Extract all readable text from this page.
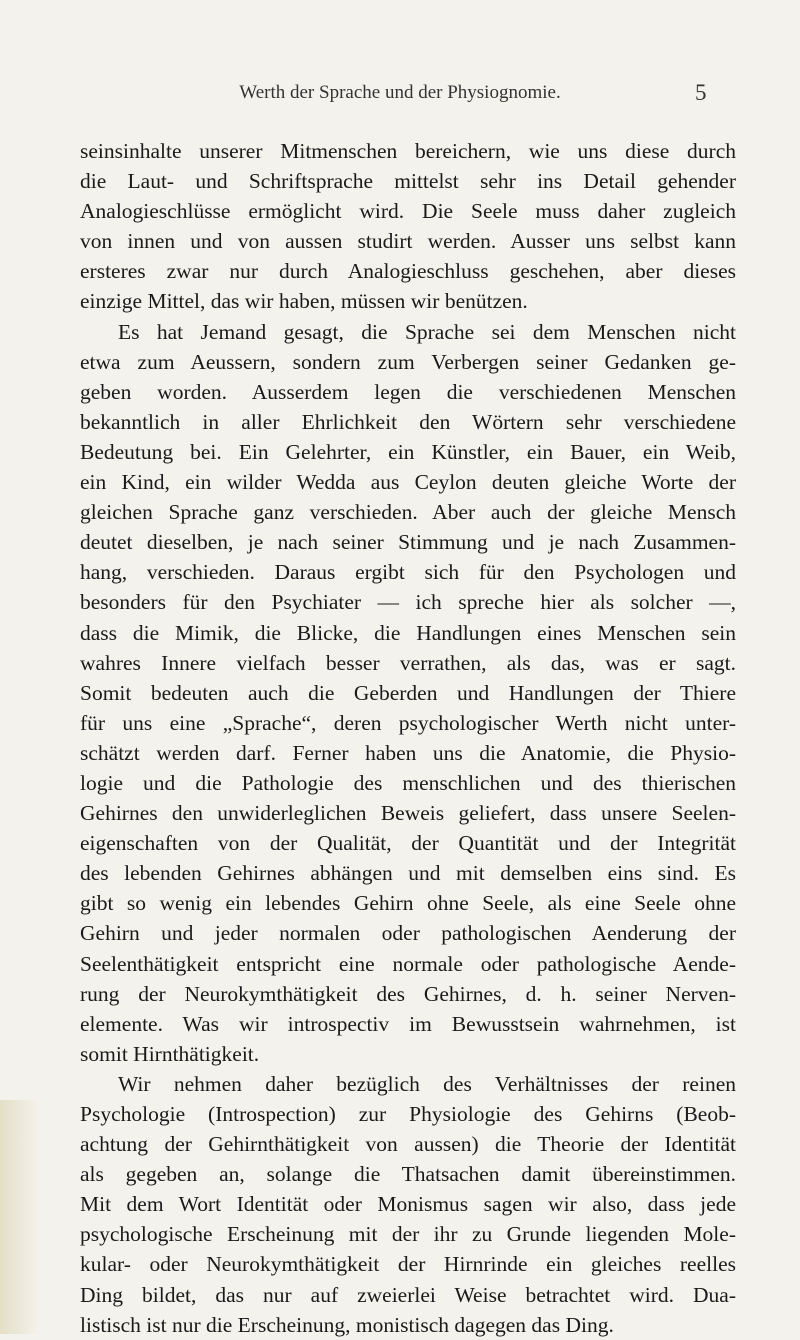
Werth der Sprache und der Physiognomie.	5
seinsinhalte unserer Mitmenschen bereichern, wie uns diese durch
die Laut- und Schriftsprache mittelst sehr ins Detail gehender
Analogieschlüsse ermöglicht wird. Die Seele muss daher zugleich
von innen und von aussen studirt werden. Ausser uns selbst kann
ersteres zwar nur durch Analogieschluss geschehen, aber dieses
einzige Mittel, das wir haben, müssen wir benützen.
Es hat Jemand gesagt, die Sprache sei dem Menschen nicht
etwa zum Aeussern, sondern zum Verbergen seiner Gedanken ge-
geben worden. Ausserdem legen die verschiedenen Menschen
bekanntlich in aller Ehrlichkeit den Wörtern sehr verschiedene
Bedeutung bei. Ein Gelehrter, ein Künstler, ein Bauer, ein Weib,
ein Kind, ein wilder Wedda aus Ceylon deuten gleiche Worte der
gleichen Sprache ganz verschieden. Aber auch der gleiche Mensch
deutet dieselben, je nach seiner Stimmung und je nach Zusammen-
hang, verschieden. Daraus ergibt sich für den Psychologen und
besonders für den Psychiater — ich spreche hier als solcher —,
dass die Mimik, die Blicke, die Handlungen eines Menschen sein
wahres Innere vielfach besser verrathen, als das, was er sagt.
Somit bedeuten auch die Geberden und Handlungen der Thiere
für uns eine „Sprache“, deren psychologischer Werth nicht unter-
schätzt werden darf. Ferner haben uns die Anatomie, die Physio-
logie und die Pathologie des menschlichen und des thierischen
Gehirnes den unwiderleglichen Beweis geliefert, dass unsere Seelen-
eigenschaften von der Qualität, der Quantität und der Integrität
des lebenden Gehirnes abhängen und mit demselben eins sind. Es
gibt so wenig ein lebendes Gehirn ohne Seele, als eine Seele ohne
Gehirn und jeder normalen oder pathologischen Aenderung der
Seelenthätigkeit entspricht eine normale oder pathologische Aende-
rung der Neurokymthätigkeit des Gehirnes, d. h. seiner Nerven-
elemente. Was wir introspectiv im Bewusstsein wahrnehmen, ist
somit Hirnthätigkeit.
Wir nehmen daher bezüglich des Verhältnisses der reinen
Psychologie (Introspection) zur Physiologie des Gehirns (Beob-
achtung der Gehirnthätigkeit von aussen) die Theorie der Identität
als gegeben an, solange die Thatsachen damit übereinstimmen.
Mit dem Wort Identität oder Monismus sagen wir also, dass jede
psychologische Erscheinung mit der ihr zu Grunde liegenden Mole-
kular- oder Neurokymthätigkeit der Hirnrinde ein gleiches reelles
Ding bildet, das nur auf zweierlei Weise betrachtet wird. Dua-
listisch ist nur die Erscheinung, monistisch dagegen das Ding.
